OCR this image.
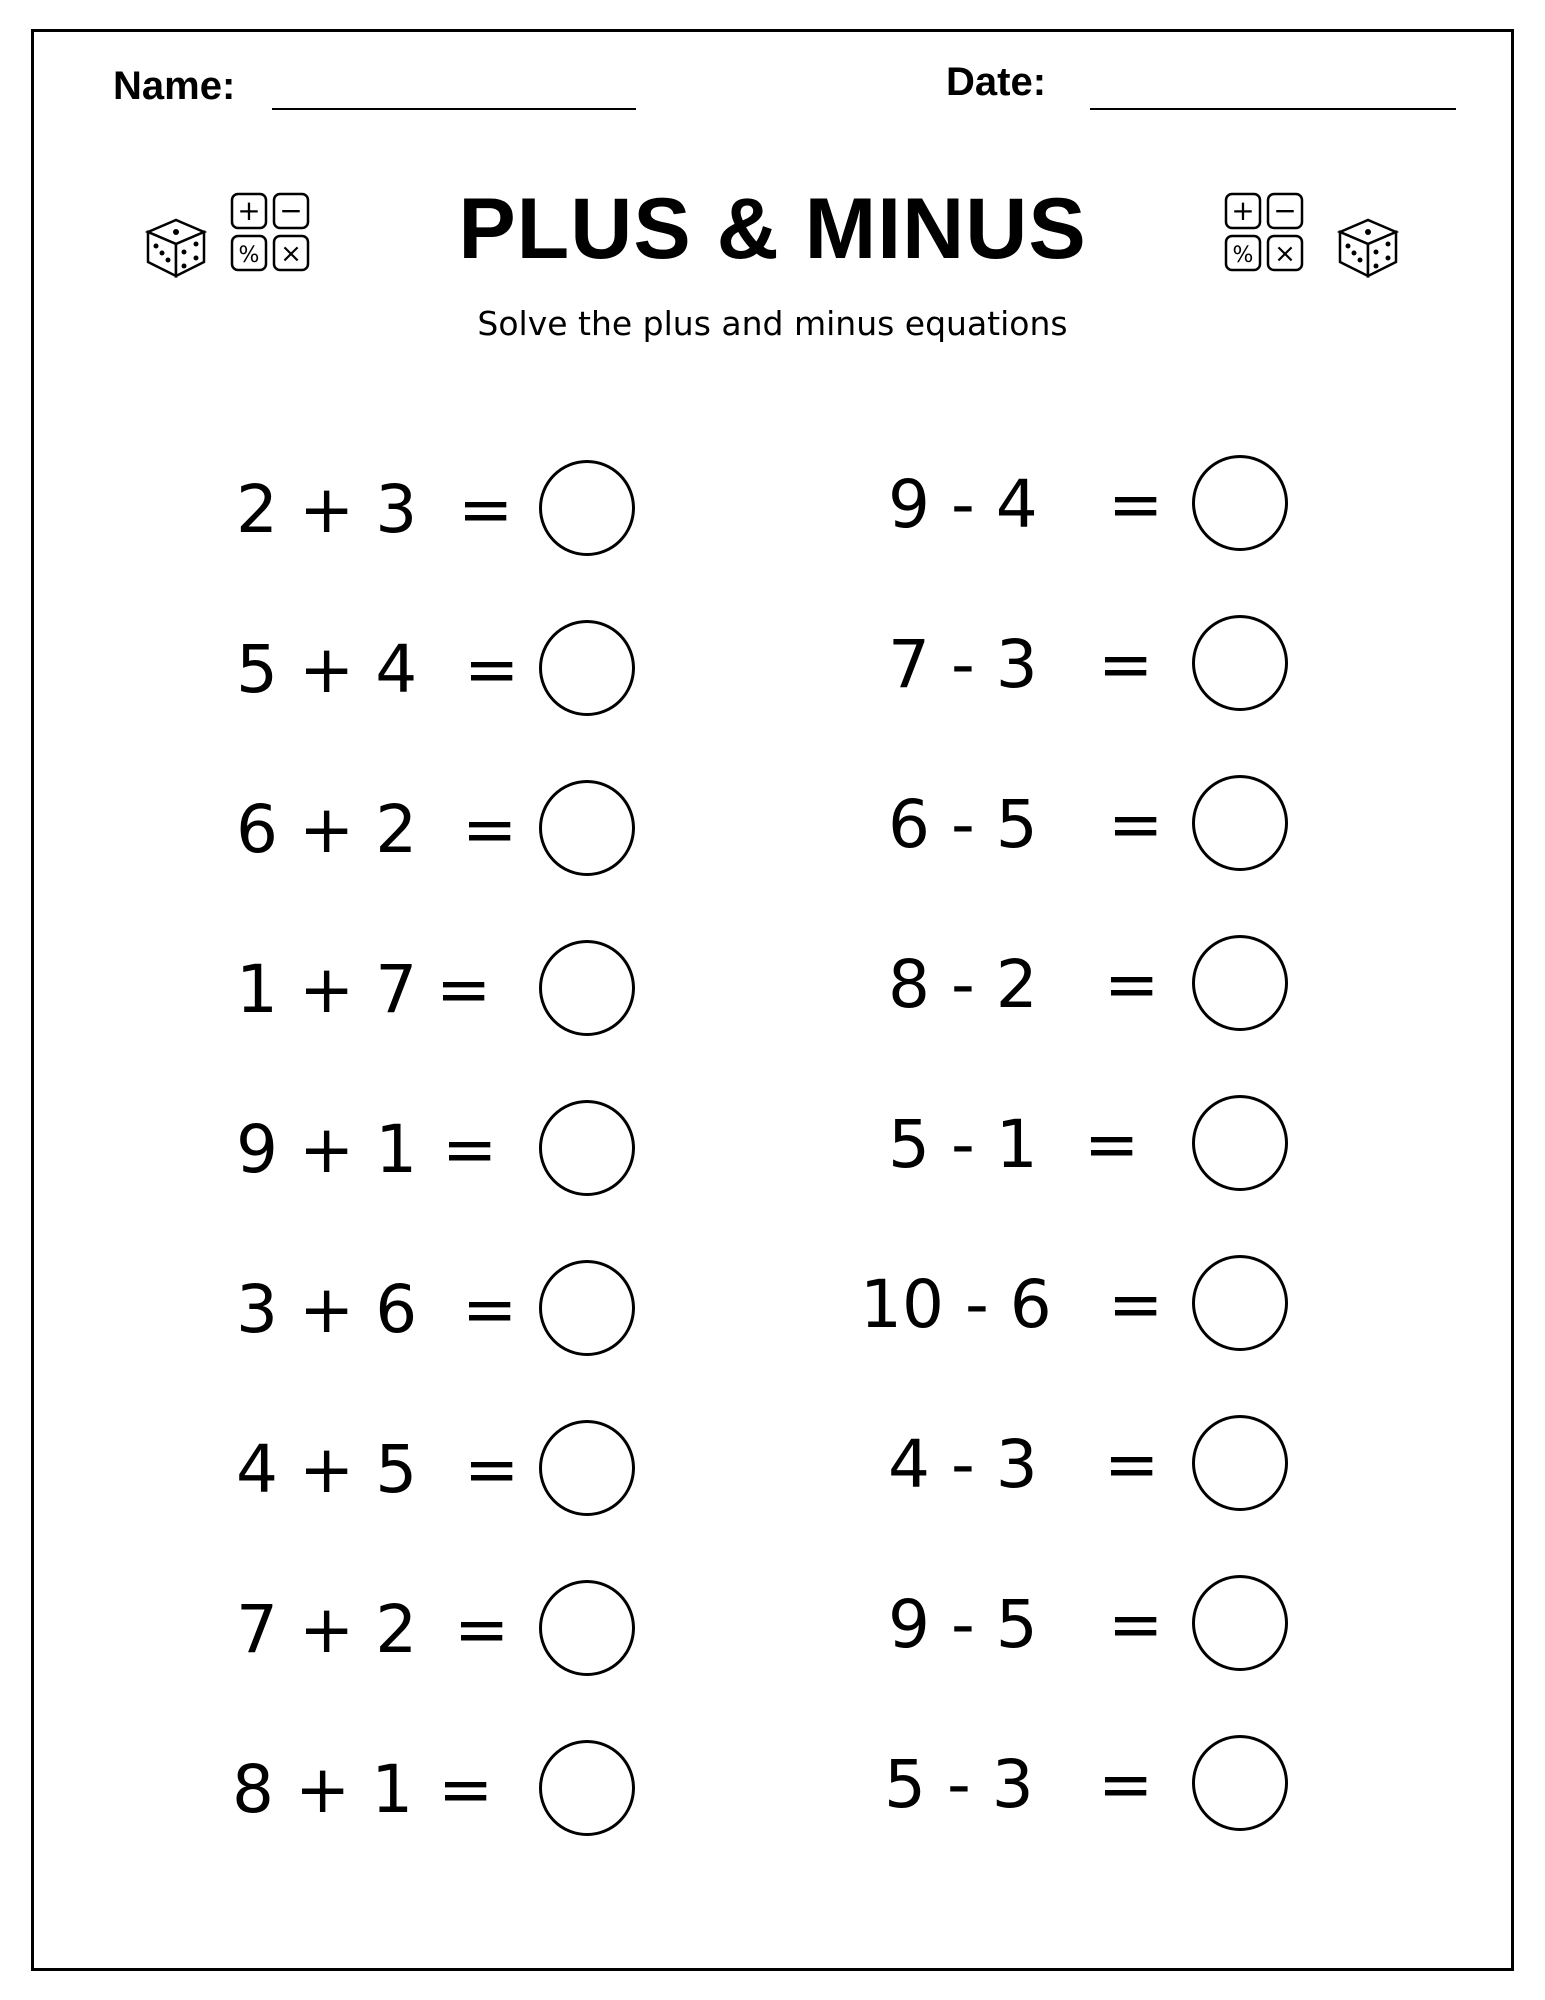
Name:	Date:
+ −
% ×
+ −
% ×
PLUS & MINUS
Solve the plus and minus equations
2 + 3 =
5 + 4 =
6 + 2 =
1 + 7 =
9 + 1 =
3 + 6 =
4 + 5 =
7 + 2 =
8 + 1 =
9 - 4 =
7 - 3 =
6 - 5 =
8 - 2 =
5 - 1 =
10 - 6 =
4 - 3 =
9 - 5 =
5 - 3 =
